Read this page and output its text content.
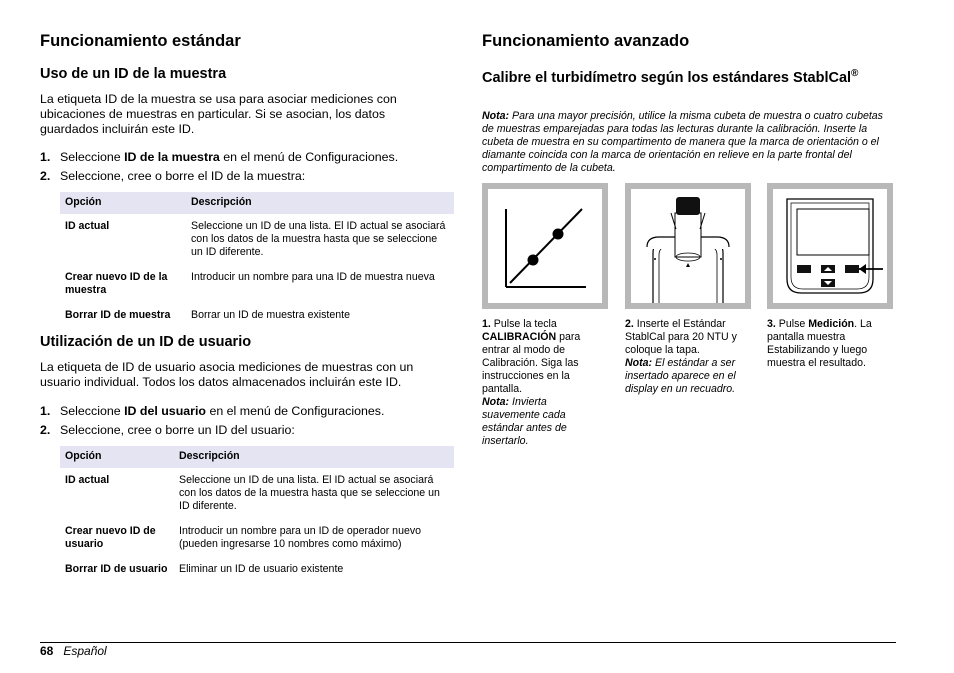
Funcionamiento estándar
Uso de un ID de la muestra

La etiqueta ID de la muestra se usa para asociar mediciones con ubicaciones de muestras en particular. Si se asocian, los datos guardados incluirán este ID.

1. Seleccione ID de la muestra en el menú de Configuraciones.
2. Seleccione, cree o borre el ID de la muestra:
Opción	Descripción
ID actual	Seleccione un ID de una lista. El ID actual se asociará con los datos de la muestra hasta que se seleccione un ID diferente.
Crear nuevo ID de la muestra	Introducir un nombre para una ID de muestra nueva
Borrar ID de muestra	Borrar un ID de muestra existente
Utilización de un ID de usuario

La etiqueta de ID de usuario asocia mediciones de muestras con un usuario individual. Todos los datos almacenados incluirán este ID.

1. Seleccione ID del usuario en el menú de Configuraciones.
2. Seleccione, cree o borre un ID del usuario:
Opción	Descripción
ID actual	Seleccione un ID de una lista. El ID actual se asociará con los datos de la muestra hasta que se seleccione un ID diferente.
Crear nuevo ID de usuario	Introducir un nombre para un ID de operador nuevo (pueden ingresarse 10 nombres como máximo)
Borrar ID de usuario	Eliminar un ID de usuario existente
Funcionamiento avanzado
Calibre el turbidímetro según los estándares StablCal®

Nota: Para una mayor precisión, utilice la misma cubeta de muestra o cuatro cubetas de muestras emparejadas para todas las lecturas durante la calibración. Inserte la cubeta de muestra en su compartimento de manera que la marca de orientación o el diamante coincida con la marca de orientación en relieve en la parte frontal del compartimento de la cubeta.

1. Pulse la tecla CALIBRACIÓN para entrar al modo de Calibración. Siga las instrucciones en la pantalla.
Nota: Invierta suavemente cada estándar antes de insertarlo.
2. Inserte el Estándar StablCal para 20 NTU y coloque la tapa.
Nota: El estándar a ser insertado aparece en el display en un recuadro.
3. Pulse Medición. La pantalla muestra Estabilizando y luego muestra el resultado.
68 Español
